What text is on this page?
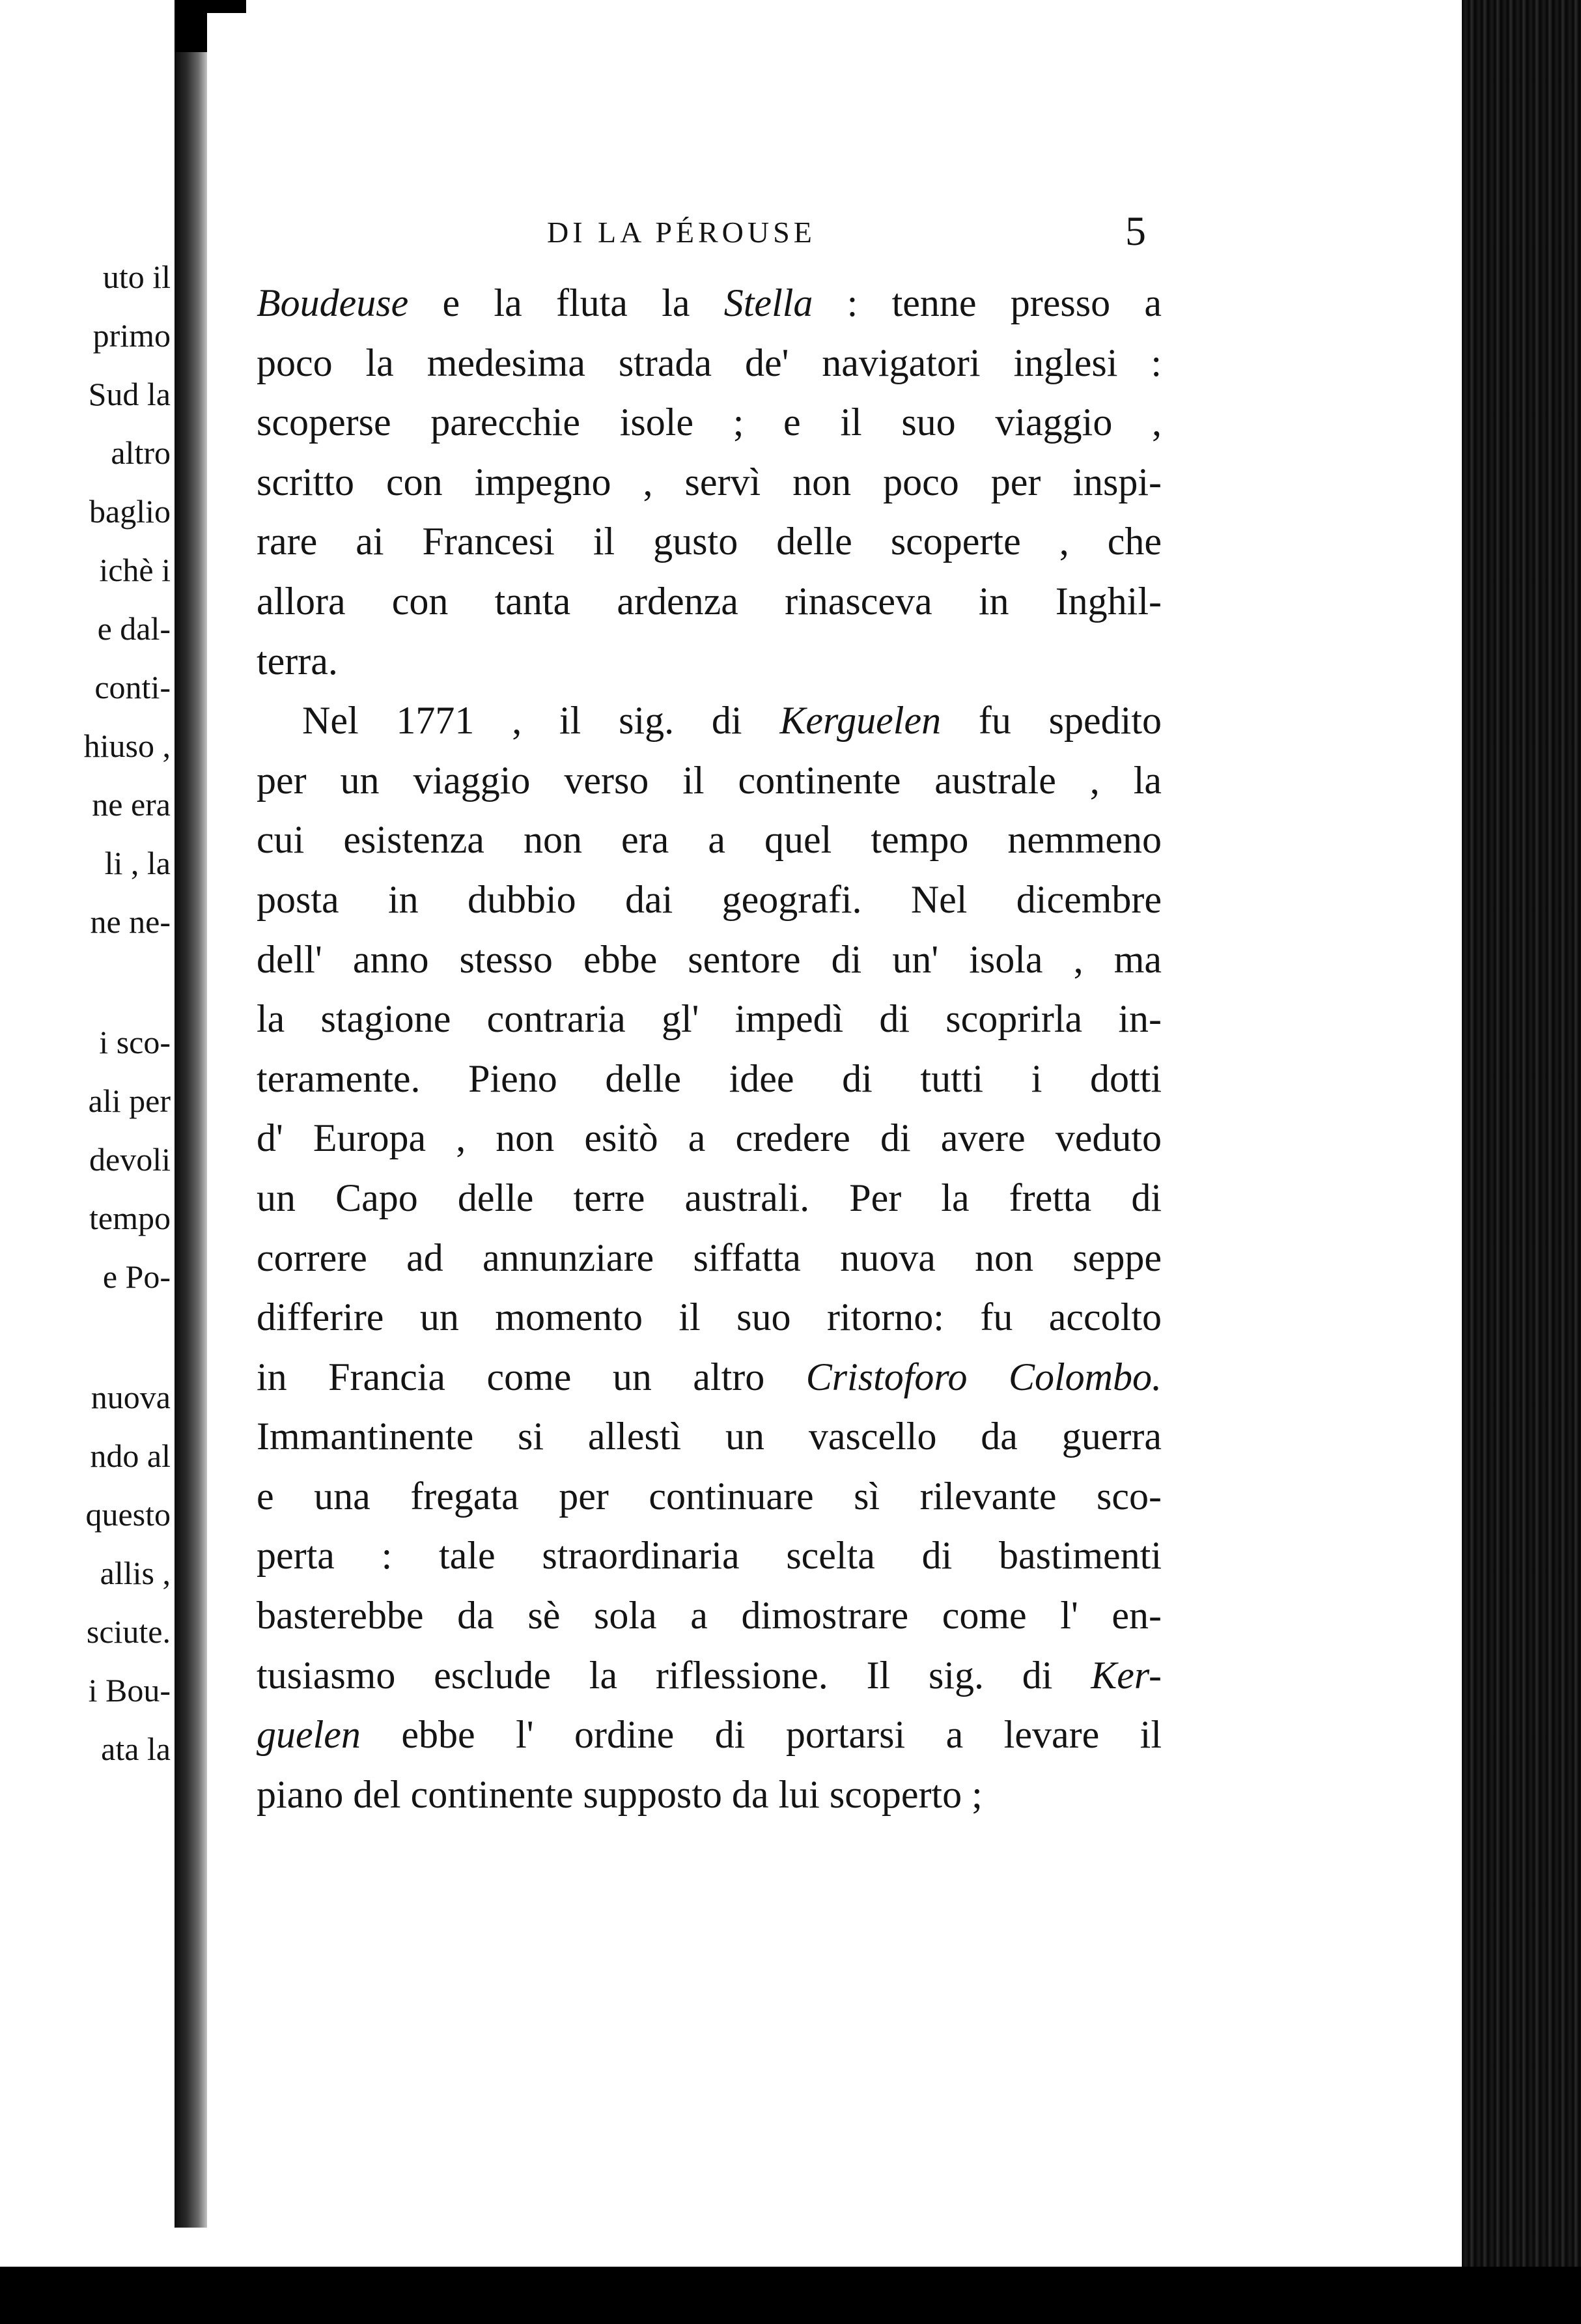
uto il
primo
Sud la
altro
baglio
ichè i
e dal-
conti-
hiuso ,
ne era
li , la
ne ne-
i sco-
ali per
devoli
tempo
e Po-
nuova
ndo al
questo
allis ,
sciute.
i Bou-
ata la
DI LA PÉROUSE	5
Boudeuse e la fluta la Stella : tenne presso a
poco la medesima strada de' navigatori inglesi :
scoperse parecchie isole ; e il suo viaggio ,
scritto con impegno , servì non poco per inspi-
rare ai Francesi il gusto delle scoperte , che
allora con tanta ardenza rinasceva in Inghil-
terra.
Nel 1771 , il sig. di Kerguelen fu spedito
per un viaggio verso il continente australe , la
cui esistenza non era a quel tempo nemmeno
posta in dubbio dai geografi. Nel dicembre
dell' anno stesso ebbe sentore di un' isola , ma
la stagione contraria gl' impedì di scoprirla in-
teramente. Pieno delle idee di tutti i dotti
d' Europa , non esitò a credere di avere veduto
un Capo delle terre australi. Per la fretta di
correre ad annunziare siffatta nuova non seppe
differire un momento il suo ritorno: fu accolto
in Francia come un altro Cristoforo Colombo.
Immantinente si allestì un vascello da guerra
e una fregata per continuare sì rilevante sco-
perta : tale straordinaria scelta di bastimenti
basterebbe da sè sola a dimostrare come l' en-
tusiasmo esclude la riflessione. Il sig. di Ker-
guelen ebbe l' ordine di portarsi a levare il
piano del continente supposto da lui scoperto ;
